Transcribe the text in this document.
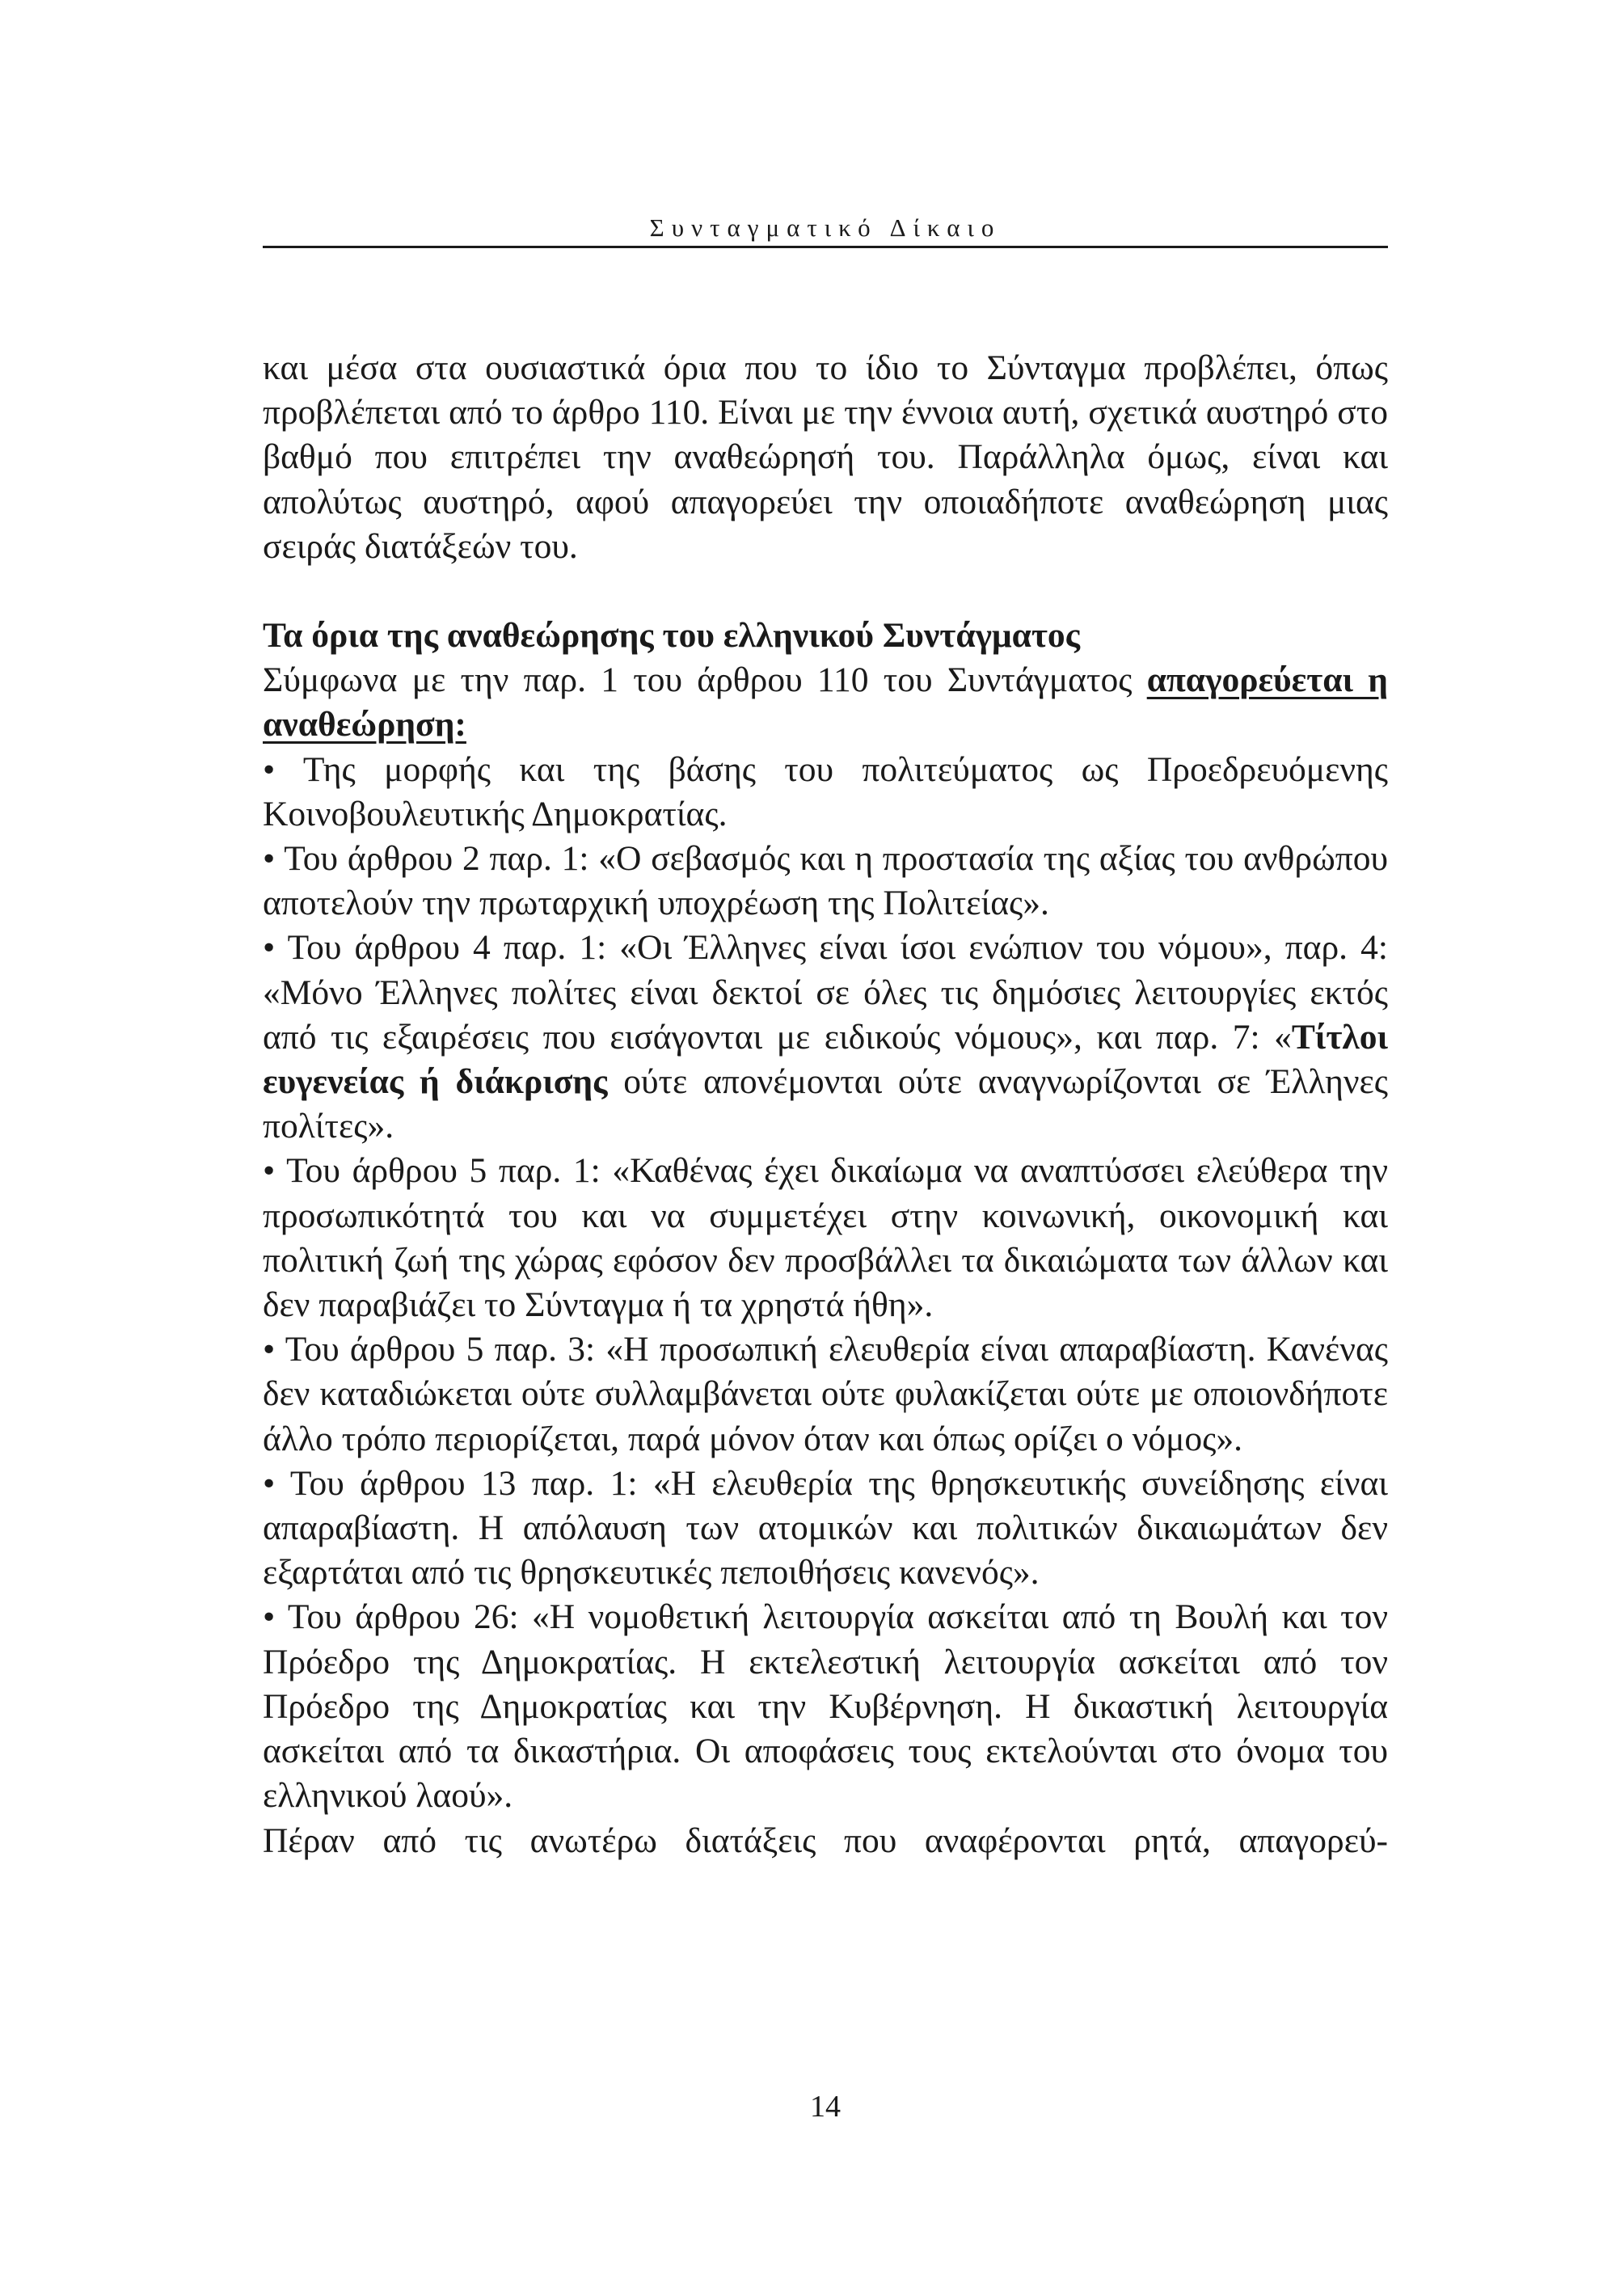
Συνταγματικό Δίκαιο

και μέσα στα ουσιαστικά όρια που το ίδιο το Σύνταγμα προβλέπει, όπως προβλέπεται από το άρθρο 110. Είναι με την έννοια αυτή, σχετικά αυστηρό στο βαθμό που επιτρέπει την αναθεώρησή του. Παράλληλα όμως, είναι και απολύτως αυστηρό, αφού απαγορεύει την οποιαδήποτε αναθεώρηση μιας σειράς διατάξεών του.

Τα όρια της αναθεώρησης του ελληνικού Συντάγματος

Σύμφωνα με την παρ. 1 του άρθρου 110 του Συντάγματος απαγορεύεται η αναθεώρηση:

• Της μορφής και της βάσης του πολιτεύματος ως Προεδρευόμενης Κοινοβουλευτικής Δημοκρατίας.

• Του άρθρου 2 παρ. 1: «Ο σεβασμός και η προστασία της αξίας του ανθρώπου αποτελούν την πρωταρχική υποχρέωση της Πολιτείας».

• Του άρθρου 4 παρ. 1: «Οι Έλληνες είναι ίσοι ενώπιον του νόμου», παρ. 4: «Μόνο Έλληνες πολίτες είναι δεκτοί σε όλες τις δημόσιες λειτουργίες εκτός από τις εξαιρέσεις που εισάγονται με ειδικούς νόμους», και παρ. 7: «Τίτλοι ευγενείας ή διάκρισης ούτε απονέμονται ούτε αναγνωρίζονται σε Έλληνες πολίτες».

• Του άρθρου 5 παρ. 1: «Καθένας έχει δικαίωμα να αναπτύσσει ελεύθερα την προσωπικότητά του και να συμμετέχει στην κοινωνική, οικονομική και πολιτική ζωή της χώρας εφόσον δεν προσβάλλει τα δικαιώματα των άλλων και δεν παραβιάζει το Σύνταγμα ή τα χρηστά ήθη».

• Του άρθρου 5 παρ. 3: «Η προσωπική ελευθερία είναι απαραβίαστη. Κανένας δεν καταδιώκεται ούτε συλλαμβάνεται ούτε φυλακίζεται ούτε με οποιονδήποτε άλλο τρόπο περιορίζεται, παρά μόνον όταν και όπως ορίζει ο νόμος».

• Του άρθρου 13 παρ. 1: «Η ελευθερία της θρησκευτικής συνείδησης είναι απαραβίαστη. Η απόλαυση των ατομικών και πολιτικών δικαιωμάτων δεν εξαρτάται από τις θρησκευτικές πεποιθήσεις κανενός».

• Του άρθρου 26: «Η νομοθετική λειτουργία ασκείται από τη Βουλή και τον Πρόεδρο της Δημοκρατίας. Η εκτελεστική λειτουργία ασκείται από τον Πρόεδρο της Δημοκρατίας και την Κυβέρνηση. Η δικαστική λειτουργία ασκείται από τα δικαστήρια. Οι αποφάσεις τους εκτελούνται στο όνομα του ελληνικού λαού».

Πέραν από τις ανωτέρω διατάξεις που αναφέρονται ρητά, απαγορεύ-

14
